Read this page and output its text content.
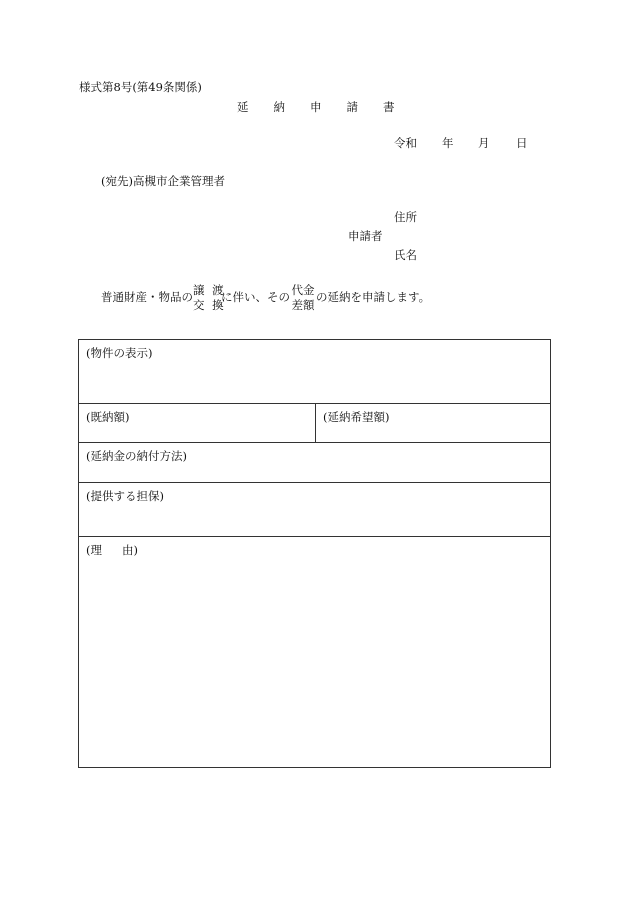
様式第8号(第49条関係)
延 納 申 請 書
令和 年 月 日
(宛先)高槻市企業管理者
住所
申請者
氏名
普通財産・物品の
譲 渡
交 換
に伴い、その
代金
差額
の延納を申請します。
(物件の表示)
(既納額)	(延納希望額)
(延納金の納付方法)
(提供する担保)
(理 由)
